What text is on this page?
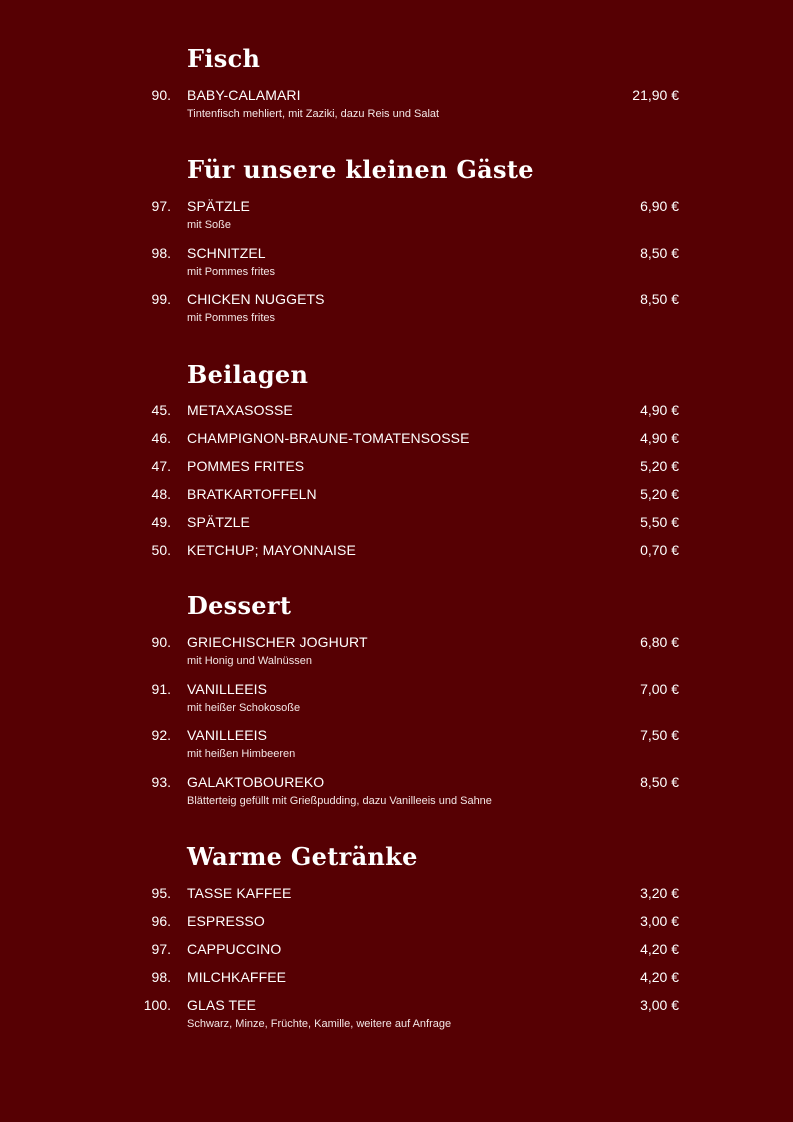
Fisch
90. BABY-CALAMARI	21,90 €
Tintenfisch mehliert, mit Zaziki, dazu Reis und Salat
Für unsere kleinen Gäste
97. SPÄTZLE	6,90 €
mit Soße
98. SCHNITZEL	8,50 €
mit Pommes frites
99. CHICKEN NUGGETS	8,50 €
mit Pommes frites
Beilagen
45. METAXASOSSE	4,90 €
46. CHAMPIGNON-BRAUNE-TOMATENSOSSE	4,90 €
47. POMMES FRITES	5,20 €
48. BRATKARTOFFELN	5,20 €
49. SPÄTZLE	5,50 €
50. KETCHUP; MAYONNAISE	0,70 €
Dessert
90. GRIECHISCHER JOGHURT	6,80 €
mit Honig und Walnüssen
91. VANILLEEIS	7,00 €
mit heißer Schokosoße
92. VANILLEEIS	7,50 €
mit heißen Himbeeren
93. GALAKTOBOUREKO	8,50 €
Blätterteig gefüllt mit Grießpudding, dazu Vanilleeis und Sahne
Warme Getränke
95. TASSE KAFFEE	3,20 €
96. ESPRESSO	3,00 €
97. CAPPUCCINO	4,20 €
98. MILCHKAFFEE	4,20 €
100. GLAS TEE	3,00 €
Schwarz, Minze, Früchte, Kamille, weitere auf Anfrage
